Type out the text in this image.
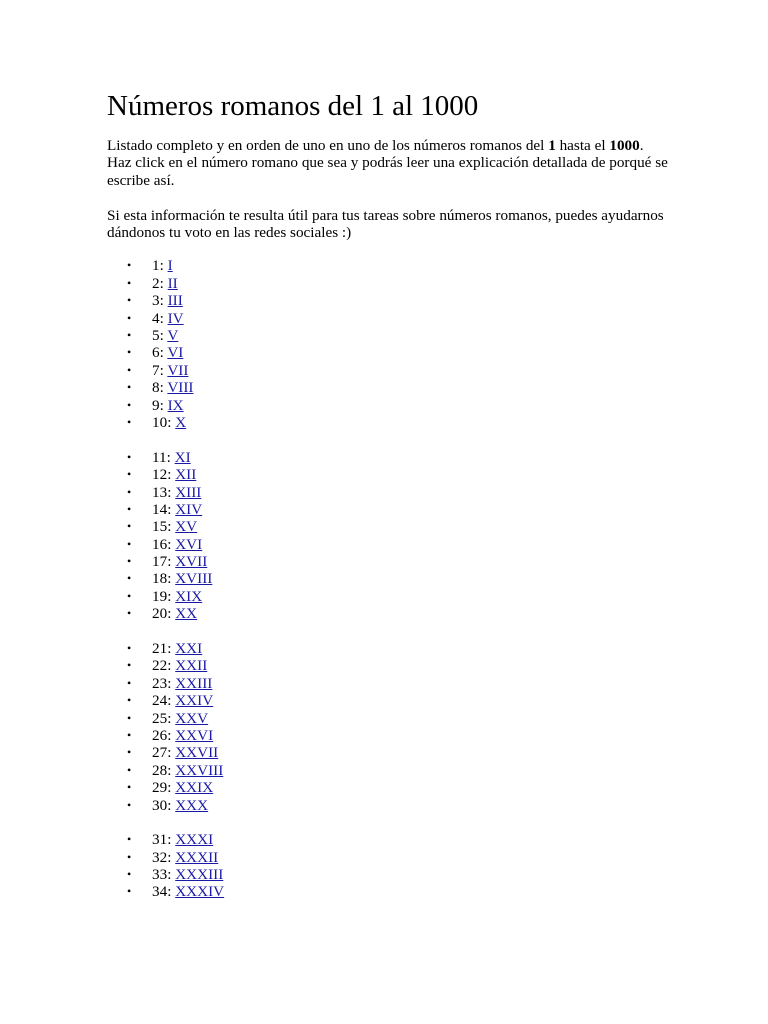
Números romanos del 1 al 1000

Listado completo y en orden de uno en uno de los números romanos del 1 hasta el 1000.
Haz click en el número romano que sea y podrás leer una explicación detallada de porqué se escribe así.

Si esta información te resulta útil para tus tareas sobre números romanos, puedes ayudarnos dándonos tu voto en las redes sociales :)

• 1: I
• 2: II
• 3: III
• 4: IV
• 5: V
• 6: VI
• 7: VII
• 8: VIII
• 9: IX
• 10: X
• 11: XI
• 12: XII
• 13: XIII
• 14: XIV
• 15: XV
• 16: XVI
• 17: XVII
• 18: XVIII
• 19: XIX
• 20: XX
• 21: XXI
• 22: XXII
• 23: XXIII
• 24: XXIV
• 25: XXV
• 26: XXVI
• 27: XXVII
• 28: XXVIII
• 29: XXIX
• 30: XXX
• 31: XXXI
• 32: XXXII
• 33: XXXIII
• 34: XXXIV
